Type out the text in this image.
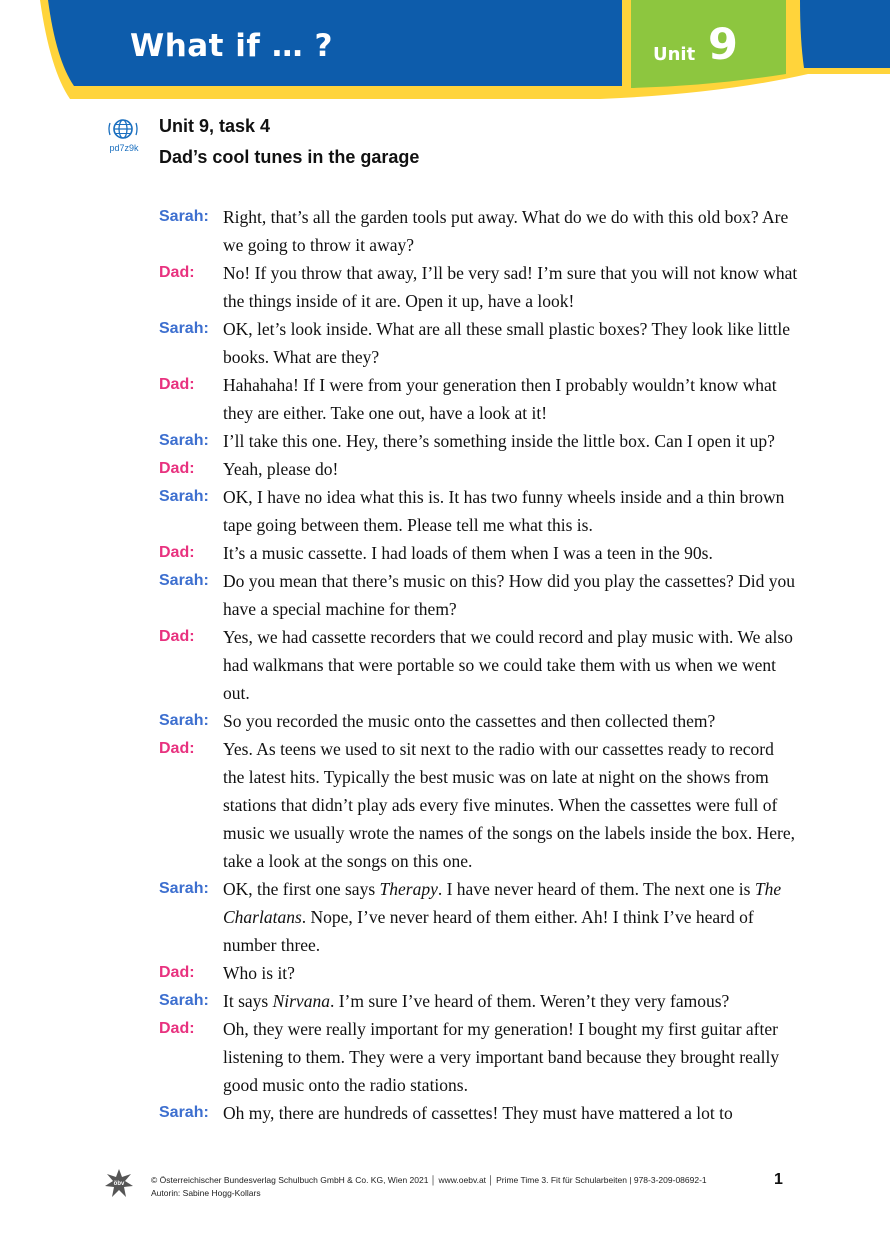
What if … ?	Unit 9
pd7z9k
Unit 9, task 4
Dad’s cool tunes in the garage
Sarah: Right, that’s all the garden tools put away. What do we do with this old box? Are we going to throw it away?
Dad:	No! If you throw that away, I’ll be very sad! I’m sure that you will not know what the things inside of it are. Open it up, have a look!
Sarah: OK, let’s look inside. What are all these small plastic boxes? They look like little books. What are they?
Dad:	Hahahaha! If I were from your generation then I probably wouldn’t know what they are either. Take one out, have a look at it!
Sarah: I’ll take this one. Hey, there’s something inside the little box. Can I open it up?
Dad:	Yeah, please do!
Sarah: OK, I have no idea what this is. It has two funny wheels inside and a thin brown tape going between them. Please tell me what this is.
Dad:	It’s a music cassette. I had loads of them when I was a teen in the 90s.
Sarah: Do you mean that there’s music on this? How did you play the cassettes? Did you have a special machine for them?
Dad:	Yes, we had cassette recorders that we could record and play music with. We also had walkmans that were portable so we could take them with us when we went out.
Sarah: So you recorded the music onto the cassettes and then collected them?
Dad:	Yes. As teens we used to sit next to the radio with our cassettes ready to record the latest hits. Typically the best music was on late at night on the shows from stations that didn’t play ads every five minutes. When the cassettes were full of music we usually wrote the names of the songs on the labels inside the box. Here, take a look at the songs on this one.
Sarah: OK, the first one says Therapy. I have never heard of them. The next one is The Charlatans. Nope, I’ve never heard of them either. Ah! I think I’ve heard of number three.
Dad:	Who is it?
Sarah: It says Nirvana. I’m sure I’ve heard of them. Weren’t they very famous?
Dad:	Oh, they were really important for my generation! I bought my first guitar after listening to them. They were a very important band because they brought really good music onto the radio stations.
Sarah: Oh my, there are hundreds of cassettes! They must have mattered a lot to
öbv	© Österreichischer Bundesverlag Schulbuch GmbH & Co. KG, Wien 2021 │ www.oebv.at │ Prime Time 3. Fit für Schularbeiten | 978-3-209-08692-1
Autorin: Sabine Hogg-Kollars
1
